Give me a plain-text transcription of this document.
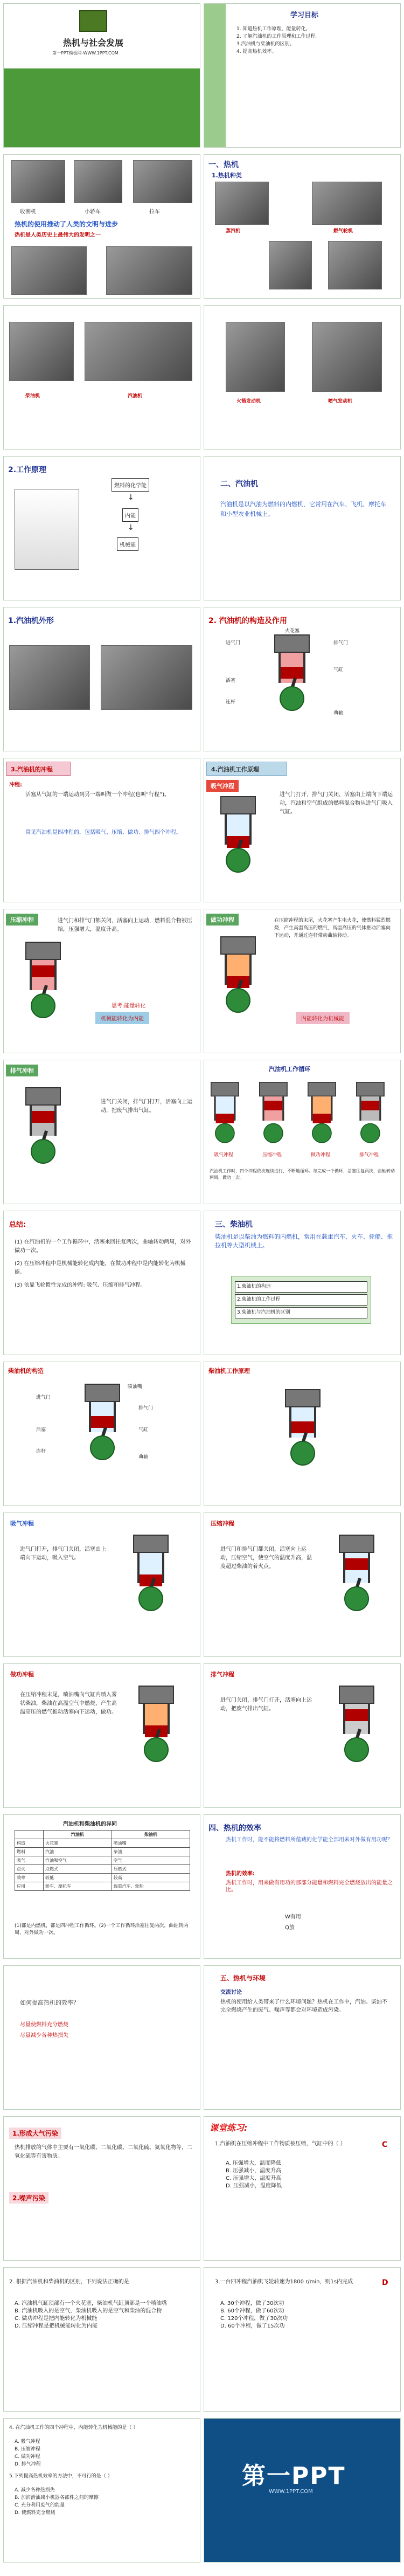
热机与社会发展
第一PPT模板网-WWW.1PPT.COM
学习目标
1. 知道热机工作原理，能量转化。
2. 了解汽油机的工作原理和工作过程。
3.汽油机与柴油机的区别。
4. 提高热机效率。
收割机	小轿车	拉车
热机的使用推动了人类的文明与进步
热机是人类历史上最伟大的发明之一
一、热机
1.热机种类
蒸汽机	燃气轮机
柴油机	汽油机
火箭发动机	喷气发动机
2.工作原理
燃料的化学能
↓
内能
↓
机械能
二、汽油机
汽油机是以汽油为燃料的内燃机，它常用在汽车、飞机、摩托车和小型农业机械上。
1.汽油机外形	2. 汽油机的构造及作用
进气门
火花塞
排气门
气缸
活塞
连杆
曲轴
3.汽油机的冲程
冲程:
活塞从气缸的一端运动到另一端叫做一个冲程(也叫“行程”)。
常见汽油机是四冲程的，包括吸气、压缩、做功、排气四个冲程。
4.汽油机工作原理
吸气冲程
进气门打开，排气门关闭，活塞由上端向下端运动，汽油和空气组成的燃料混合物从进气门吸入气缸。
压缩冲程	进气门和排气门都关闭，活塞向上运动，燃料混合物被压缩，压强增大，温度升高。
思考:能量转化
机械能转化为内能
做功冲程	在压缩冲程的末尾，火花塞产生电火花，使燃料猛烈燃烧，产生高温高压的燃气，高温高压的气体推动活塞向下运动，并通过连杆带动曲轴转动。
内能转化为机械能
排气冲程
进气门关闭，排气门打开，活塞向上运动，把废气排出气缸。
汽油机工作循环
吸气冲程	压缩冲程	做功冲程	排气冲程
汽油机工作时，四个冲程依次连续进行，不断地循环。每完成一个循环，活塞往复两次，曲轴转动两周，做功一次。
总结:
(1) 在汽油机的一个工作循环中，活塞来回往复两次，曲轴转动两周，对外做功一次。
(2) 在压缩冲程中是机械能转化成内能，在做功冲程中是内能转化为机械能。
(3) 依靠飞轮惯性完成的冲程: 吸气、压缩和排气冲程。
三、柴油机
柴油机是以柴油为燃料的内燃机，常用在载重汽车、火车、轮船、拖拉机等大型机械上。
1.柴油机的构造
2.柴油机的工作过程
3.柴油机与汽油机的区别
柴油机的构造
喷油嘴
进气门
排气门
活塞
连杆
曲轴
气缸
柴油机工作原理
吸气冲程
进气门打开，排气门关闭，活塞由上端向下运动，吸入空气。
压缩冲程
进气门和排气门都关闭，活塞向上运动，压缩空气，使空气的温度升高，温度超过柴油的着火点。
做功冲程
在压缩冲程末尾，喷油嘴向气缸内喷入雾状柴油，柴油在高温空气中燃烧，产生高温高压的燃气推动活塞向下运动，做功。
排气冲程
进气门关闭，排气门打开，活塞向上运动，把废气排出气缸。
汽油机和柴油机的异同
	汽油机	柴油机
构造	火花塞	喷油嘴
燃料	汽油	柴油
吸气	汽油和空气	空气
点火	点燃式	压燃式
效率	较低	较高
应用	轿车、摩托车	载重汽车、轮船
(1)都是内燃机，都是四冲程工作循环。(2)一个工作循环活塞往复两次，曲轴转两周，对外做功一次。
四、热机的效率
热机工作时，能不能将燃料所蕴藏的化学能全部用来对外做有用功呢？
热机的效率:
热机工作时，用来做有用功的那部分能量和燃料完全燃烧放出的能量之比。
W有用
Q放
如何提高热机的效率？
尽量使燃料充分燃烧
尽量减少各种热损失
五、热机与环境
交流讨论
热机的使用给人类带来了什么环境问题？热机在工作中，汽油、柴油不完全燃烧产生的废气、噪声等都会对环境造成污染。
1.形成大气污染
热机排放的气体中主要有一氧化碳、二氧化碳、二氧化硫、氮氧化物等，二氧化硫等有害物质。
2.噪声污染
课堂练习:
1.汽油机在压缩冲程中工作物质被压缩，气缸中的（ ）
A. 压强增大，温度降低
B. 压强减小，温度升高
C. 压强增大，温度升高
D. 压强减小，温度降低
C
2. 根据汽油机和柴油机的区别，下列说法正确的是
A. 汽油机气缸顶部有一个火花塞，柴油机气缸顶部是一个喷油嘴
B. 汽油机吸入的是空气，柴油机吸入的是空气和柴油的混合物
C. 做功冲程是把内能转化为机械能
D. 压缩冲程是把机械能转化为内能
3.一台四冲程汽油机飞轮转速为1800 r/min，则1s内完成
A. 30个冲程，做了30次功
B. 60个冲程，做了60次功
C. 120个冲程，做了30次功
D. 60个冲程，做了15次功
D
4. 在汽油机工作的四个冲程中，内能转化为机械能的是（ ）
A. 吸气冲程
B. 压缩冲程
C. 做功冲程
D. 排气冲程
5.下列提高热机效率的方法中，不可行的是（ ）
A. 减少各种热损失
B. 加润滑油减小机器各部件之间的摩擦
C. 充分利用废气的能量
D. 使燃料完全燃烧
第一PPT
WWW.1PPT.COM
